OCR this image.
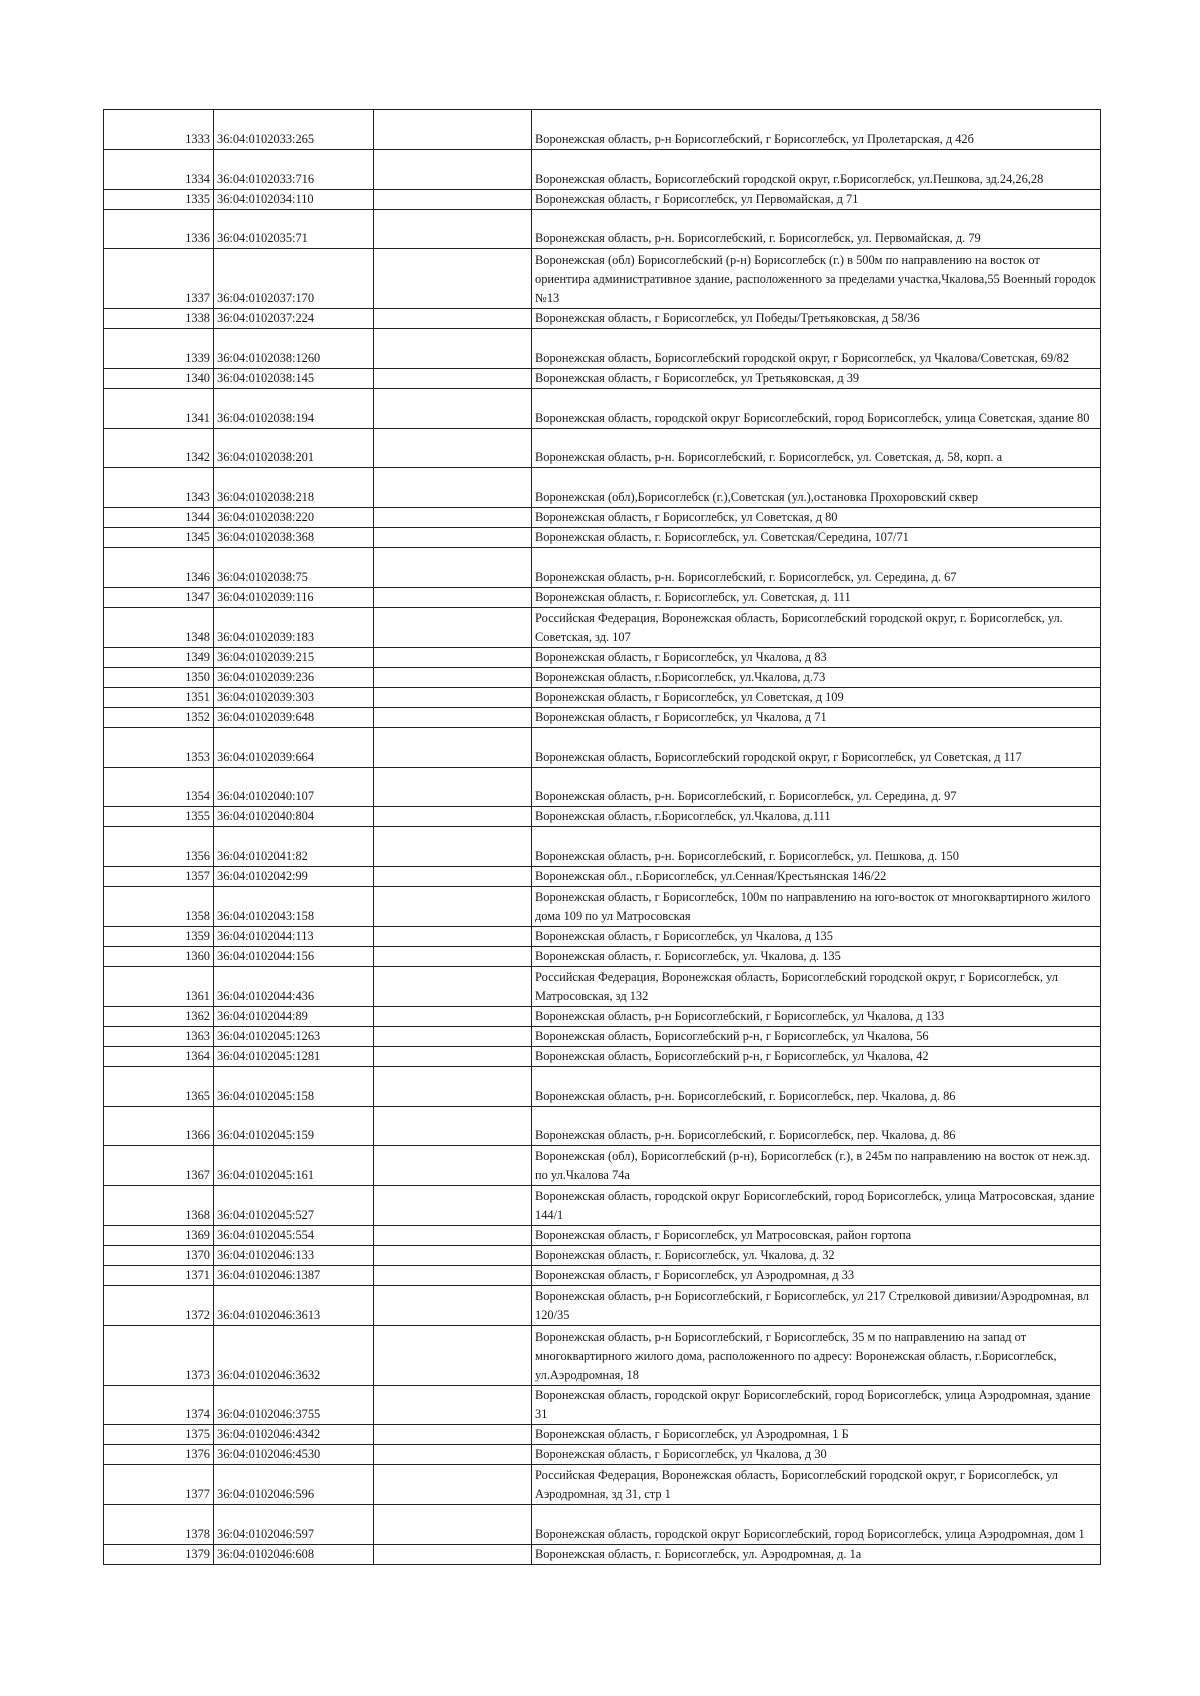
1333	36:04:0102033:265		Воронежская область, р-н Борисоглебский, г Борисоглебск, ул Пролетарская, д 42б
1334	36:04:0102033:716		Воронежская область, Борисоглебский городской округ, г.Борисоглебск, ул.Пешкова, зд.24,26,28
1335	36:04:0102034:110		Воронежская область, г Борисоглебск, ул Первомайская, д 71
1336	36:04:0102035:71		Воронежская область, р-н. Борисоглебский, г. Борисоглебск, ул. Первомайская, д. 79
1337	36:04:0102037:170		Воронежская (обл) Борисоглебский (р-н) Борисоглебск (г.) в 500м по направлению на восток от ориентира административное здание, расположенного за пределами участка,Чкалова,55 Военный городок №13
1338	36:04:0102037:224		Воронежская область, г Борисоглебск, ул Победы/Третьяковская, д 58/36
1339	36:04:0102038:1260		Воронежская область, Борисоглебский городской округ, г Борисоглебск, ул Чкалова/Советская, 69/82
1340	36:04:0102038:145		Воронежская область, г Борисоглебск, ул Третьяковская, д 39
1341	36:04:0102038:194		Воронежская область, городской округ Борисоглебский, город Борисоглебск, улица Советская, здание 80
1342	36:04:0102038:201		Воронежская область, р-н. Борисоглебский, г. Борисоглебск, ул. Советская, д. 58, корп. а
1343	36:04:0102038:218		Воронежская (обл),Борисоглебск (г.),Советская (ул.),остановка Прохоровский сквер
1344	36:04:0102038:220		Воронежская область, г Борисоглебск, ул Советская, д 80
1345	36:04:0102038:368		Воронежская область, г. Борисоглебск, ул. Советская/Середина, 107/71
1346	36:04:0102038:75		Воронежская область, р-н. Борисоглебский, г. Борисоглебск, ул. Середина, д. 67
1347	36:04:0102039:116		Воронежская область, г. Борисоглебск, ул. Советская, д. 111
1348	36:04:0102039:183		Российская Федерация, Воронежская область, Борисоглебский городской округ, г. Борисоглебск, ул. Советская, зд. 107
1349	36:04:0102039:215		Воронежская область, г Борисоглебск, ул Чкалова, д 83
1350	36:04:0102039:236		Воронежская область, г.Борисоглебск, ул.Чкалова, д.73
1351	36:04:0102039:303		Воронежская область, г Борисоглебск, ул Советская, д 109
1352	36:04:0102039:648		Воронежская область, г Борисоглебск, ул Чкалова, д 71
1353	36:04:0102039:664		Воронежская область, Борисоглебский городской округ, г Борисоглебск, ул Советская, д 117
1354	36:04:0102040:107		Воронежская область, р-н. Борисоглебский, г. Борисоглебск, ул. Середина, д. 97
1355	36:04:0102040:804		Воронежская область, г.Борисоглебск, ул.Чкалова, д.111
1356	36:04:0102041:82		Воронежская область, р-н. Борисоглебский, г. Борисоглебск, ул. Пешкова, д. 150
1357	36:04:0102042:99		Воронежская обл., г.Борисоглебск, ул.Сенная/Крестьянская 146/22
1358	36:04:0102043:158		Воронежская область, г Борисоглебск, 100м по направлению на юго-восток от многоквартирного жилого дома 109 по ул Матросовская
1359	36:04:0102044:113		Воронежская область, г Борисоглебск, ул Чкалова, д 135
1360	36:04:0102044:156		Воронежская область, г. Борисоглебск, ул. Чкалова, д. 135
1361	36:04:0102044:436		Российская Федерация, Воронежская область, Борисоглебский городской округ, г Борисоглебск, ул Матросовская, зд 132
1362	36:04:0102044:89		Воронежская область, р-н Борисоглебский, г Борисоглебск, ул Чкалова, д 133
1363	36:04:0102045:1263		Воронежская область, Борисоглебский р-н, г Борисоглебск, ул Чкалова, 56
1364	36:04:0102045:1281		Воронежская область, Борисоглебский р-н, г Борисоглебск, ул Чкалова, 42
1365	36:04:0102045:158		Воронежская область, р-н. Борисоглебский, г. Борисоглебск, пер. Чкалова, д. 86
1366	36:04:0102045:159		Воронежская область, р-н. Борисоглебский, г. Борисоглебск, пер. Чкалова, д. 86
1367	36:04:0102045:161		Воронежская (обл), Борисоглебский (р-н), Борисоглебск (г.), в 245м по направлению на восток от неж.зд. по ул.Чкалова 74а
1368	36:04:0102045:527		Воронежская область, городской округ Борисоглебский, город Борисоглебск, улица Матросовская, здание 144/1
1369	36:04:0102045:554		Воронежская область, г Борисоглебск, ул Матросовская, район гортопа
1370	36:04:0102046:133		Воронежская область, г. Борисоглебск, ул. Чкалова, д. 32
1371	36:04:0102046:1387		Воронежская область, г Борисоглебск, ул Аэродромная, д 33
1372	36:04:0102046:3613		Воронежская область, р-н Борисоглебский, г Борисоглебск, ул 217 Стрелковой дивизии/Аэродромная, вл 120/35
1373	36:04:0102046:3632		Воронежская область, р-н Борисоглебский, г Борисоглебск, 35 м по направлению на запад от многоквартирного жилого дома, расположенного по адресу: Воронежская область, г.Борисоглебск, ул.Аэродромная, 18
1374	36:04:0102046:3755		Воронежская область, городской округ Борисоглебский, город Борисоглебск, улица Аэродромная, здание 31
1375	36:04:0102046:4342		Воронежская область, г Борисоглебск, ул Аэродромная, 1 Б
1376	36:04:0102046:4530		Воронежская область, г Борисоглебск, ул Чкалова, д 30
1377	36:04:0102046:596		Российская Федерация, Воронежская область, Борисоглебский городской округ, г Борисоглебск, ул Аэродромная, зд 31, стр 1
1378	36:04:0102046:597		Воронежская область, городской округ Борисоглебский, город Борисоглебск, улица Аэродромная, дом 1
1379	36:04:0102046:608		Воронежская область, г. Борисоглебск, ул. Аэродромная, д. 1а
